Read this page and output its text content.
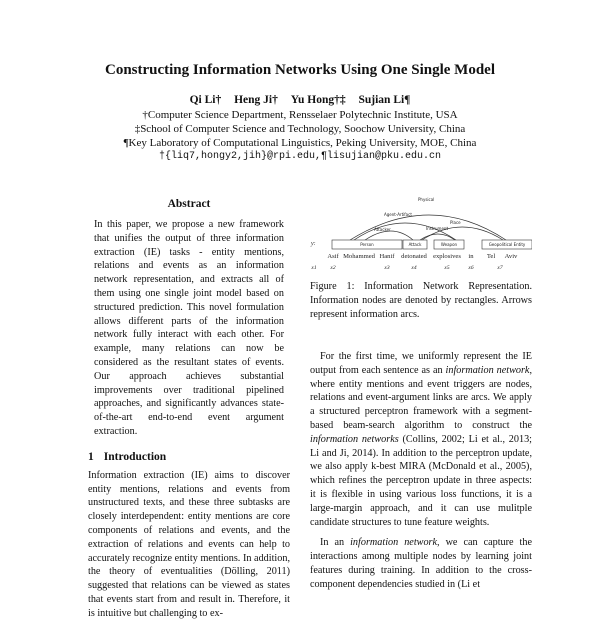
Constructing Information Networks Using One Single Model
Qi Li† Heng Ji† Yu Hong†‡ Sujian Li¶
†Computer Science Department, Rensselaer Polytechnic Institute, USA
‡School of Computer Science and Technology, Soochow University, China
¶Key Laboratory of Computational Linguistics, Peking University, MOE, China
†{liq7,hongy2,jih}@rpi.edu,¶lisujian@pku.edu.cn
Abstract

In this paper, we propose a new framework that unifies the output of three information extraction (IE) tasks - entity mentions, relations and events as an information network representation, and extracts all of them using one single joint model based on structured prediction. This novel formulation allows different parts of the information network fully interact with each other. For example, many relations can now be considered as the resultant states of events. Our approach achieves substantial improvements over traditional pipelined approaches, and significantly advances state-of-the-art end-to-end event argument extraction.

1 Introduction

Information extraction (IE) aims to discover entity mentions, relations and events from unstructured texts, and these three subtasks are closely interdependent: entity mentions are core components of relations and events, and the extraction of relations and events can help to accurately recognize entity mentions. In addition, the theory of eventualities (Dölling, 2011) suggested that relations can be viewed as states that events start from and result in. Therefore, it is intuitive but challenging to ex-

Physical
Agent-Artifact
Attacker	Instrument
Place
Person	Attack	Weapon	Geopolitical Entity
y:
Asif Mohammed Hanif detonated explosives in Tel Aviv
x1	x2	x3	x4	x5	x6	x7

Figure 1: Information Network Representation. Information nodes are denoted by rectangles. Arrows represent information arcs.

For the first time, we uniformly represent the IE output from each sentence as an information network, where entity mentions and event triggers are nodes, relations and event-argument links are arcs. We apply a structured perceptron framework with a segment-based beam-search algorithm to construct the information networks (Collins, 2002; Li et al., 2013; Li and Ji, 2014). In addition to the perceptron update, we also apply k-best MIRA (McDonald et al., 2005), which refines the perceptron update in three aspects: it is flexible in using various loss functions, it is a large-margin approach, and it can use mulitple candidate structures to tune feature weights.

In an information network, we can capture the interactions among multiple nodes by learning joint features during training. In addition to the cross-component dependencies studied in (Li et
